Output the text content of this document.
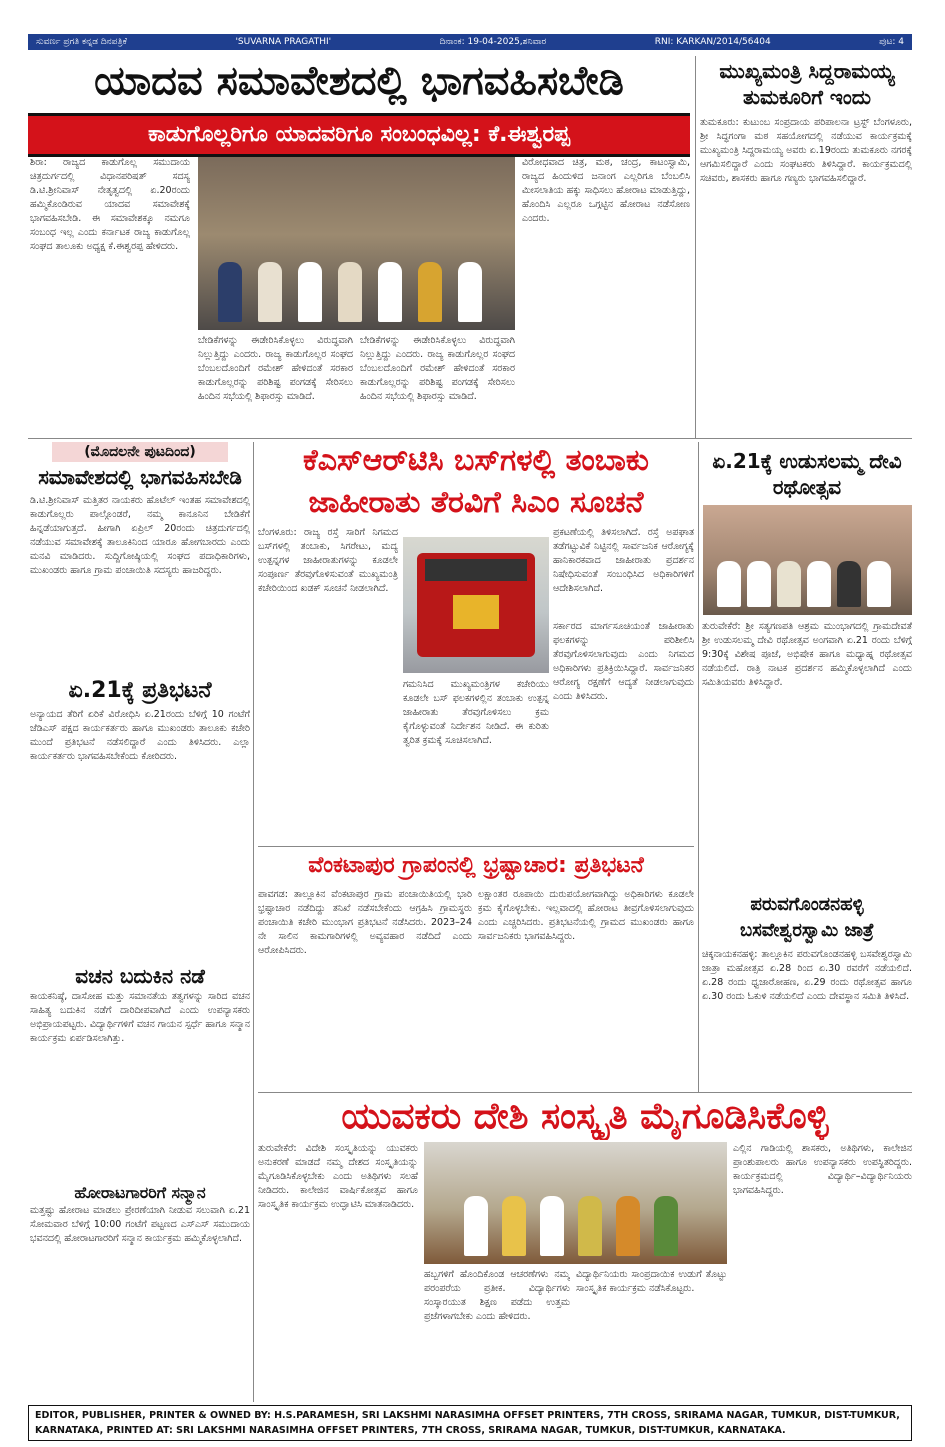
ಸುವರ್ಣ ಪ್ರಗತಿ ಕನ್ನಡ ದಿನಪತ್ರಿಕೆ	'SUVARNA PRAGATHI'	ದಿನಾಂಕ: 19-04-2025,ಶನಿವಾರ	RNI: KARKAN/2014/56404	ಪುಟ: 4
ಯಾದವ ಸಮಾವೇಶದಲ್ಲಿ ಭಾಗವಹಿಸಬೇಡಿ
ಕಾಡುಗೊಲ್ಲರಿಗೂ ಯಾದವರಿಗೂ ಸಂಬಂಧವಿಲ್ಲ: ಕೆ.ಈಶ್ವರಪ್ಪ
ಶಿರಾ: ರಾಜ್ಯದ ಕಾಡುಗೊಲ್ಲ ಸಮುದಾಯ ಚಿತ್ರದುರ್ಗದಲ್ಲಿ ವಿಧಾನಪರಿಷತ್ ಸದಸ್ಯ ಡಿ.ಟಿ.ಶ್ರೀನಿವಾಸ್ ನೇತೃತ್ವದಲ್ಲಿ ಏ.20ರಂದು ಹಮ್ಮಿಕೊಂಡಿರುವ ಯಾದವ ಸಮಾವೇಶಕ್ಕೆ ಭಾಗವಹಿಸಬೇಡಿ. ಈ ಸಮಾವೇಶಕ್ಕೂ ನಮಗೂ ಸಂಬಂಧ ಇಲ್ಲ ಎಂದು ಕರ್ನಾಟಕ ರಾಜ್ಯ ಕಾಡುಗೊಲ್ಲ ಸಂಘದ ತಾಲೂಕು ಅಧ್ಯಕ್ಷ ಕೆ.ಈಶ್ವರಪ್ಪ ಹೇಳಿದರು.
ಬೇಡಿಕೆಗಳನ್ನು ಈಡೇರಿಸಿಕೊಳ್ಳಲು ವಿರುದ್ಧವಾಗಿ ನಿಲ್ಲುತ್ತಿದ್ದು ಎಂದರು. ರಾಜ್ಯ ಕಾಡುಗೊಲ್ಲರ ಸಂಘದ ಬೆಂಬಲದೊಂದಿಗೆ ರಮೇಶ್ ಹೇಳಿದಂತೆ ಸರಕಾರ ಕಾಡುಗೊಲ್ಲರನ್ನು ಪರಿಶಿಷ್ಟ ಪಂಗಡಕ್ಕೆ ಸೇರಿಸಲು ಹಿಂದಿನ ಸಭೆಯಲ್ಲಿ ಶಿಫಾರಸ್ಸು ಮಾಡಿದೆ.
ಬೇಡಿಕೆಗಳನ್ನು ಈಡೇರಿಸಿಕೊಳ್ಳಲು ವಿರುದ್ಧವಾಗಿ ನಿಲ್ಲುತ್ತಿದ್ದು ಎಂದರು. ರಾಜ್ಯ ಕಾಡುಗೊಲ್ಲರ ಸಂಘದ ಬೆಂಬಲದೊಂದಿಗೆ ರಮೇಶ್ ಹೇಳಿದಂತೆ ಸರಕಾರ ಕಾಡುಗೊಲ್ಲರನ್ನು ಪರಿಶಿಷ್ಟ ಪಂಗಡಕ್ಕೆ ಸೇರಿಸಲು ಹಿಂದಿನ ಸಭೆಯಲ್ಲಿ ಶಿಫಾರಸ್ಸು ಮಾಡಿದೆ.
ವಿರೋಧವಾದ ಚಿತ್ರ, ಮಠ, ಚಂದ್ರ, ಕಾಟಂಸ್ವಾಮಿ, ರಾಜ್ಯದ ಹಿಂದುಳಿದ ಜನಾಂಗ ಎಲ್ಲರಿಗೂ ಬೆಂಬಲಿಸಿ ಮೀಸಲಾತಿಯ ಹಕ್ಕು ಸಾಧಿಸಲು ಹೋರಾಟ ಮಾಡುತ್ತಿದ್ದು, ಹೊಂದಿಸಿ ಎಲ್ಲರೂ ಒಗ್ಗಟ್ಟಿನ ಹೋರಾಟ ನಡೆಸೋಣ ಎಂದರು.
ಮುಖ್ಯಮಂತ್ರಿ ಸಿದ್ದರಾಮಯ್ಯ ತುಮಕೂರಿಗೆ ಇಂದು
ತುಮಕೂರು: ಕುಟುಂಬ ಸಂಪ್ರದಾಯ ಪರಿಪಾಲನಾ ಟ್ರಸ್ಟ್ ಬೆಂಗಳೂರು, ಶ್ರೀ ಸಿದ್ಧಗಂಗಾ ಮಠ ಸಹಯೋಗದಲ್ಲಿ ನಡೆಯುವ ಕಾರ್ಯಕ್ರಮಕ್ಕೆ ಮುಖ್ಯಮಂತ್ರಿ ಸಿದ್ದರಾಮಯ್ಯ ಅವರು ಏ.19ರಂದು ತುಮಕೂರು ನಗರಕ್ಕೆ ಆಗಮಿಸಲಿದ್ದಾರೆ ಎಂದು ಸಂಘಟಕರು ತಿಳಿಸಿದ್ದಾರೆ. ಕಾರ್ಯಕ್ರಮದಲ್ಲಿ ಸಚಿವರು, ಶಾಸಕರು ಹಾಗೂ ಗಣ್ಯರು ಭಾಗವಹಿಸಲಿದ್ದಾರೆ.
(ಮೊದಲನೇ ಪುಟದಿಂದ)
ಸಮಾವೇಶದಲ್ಲಿ ಭಾಗವಹಿಸಬೇಡಿ
ಡಿ.ಟಿ.ಶ್ರೀನಿವಾಸ್ ಮತ್ತಿತರ ನಾಯಕರು ಹೊಟೆಲ್‌ ಇಂತಹ ಸಮಾವೇಶದಲ್ಲಿ ಕಾಡುಗೊಲ್ಲರು ಪಾಲ್ಗೊಂಡರೆ, ನಮ್ಮ ಕಾನೂನಿನ ಬೇಡಿಕೆಗೆ ಹಿನ್ನಡೆಯಾಗುತ್ತದೆ. ಹೀಗಾಗಿ ಏಪ್ರಿಲ್ 20ರಂದು ಚಿತ್ರದುರ್ಗದಲ್ಲಿ ನಡೆಯುವ ಸಮಾವೇಶಕ್ಕೆ ತಾಲೂಕಿನಿಂದ ಯಾರೂ ಹೋಗಬಾರದು ಎಂದು ಮನವಿ ಮಾಡಿದರು. ಸುದ್ದಿಗೋಷ್ಠಿಯಲ್ಲಿ ಸಂಘದ ಪದಾಧಿಕಾರಿಗಳು, ಮುಖಂಡರು ಹಾಗೂ ಗ್ರಾಮ ಪಂಚಾಯಿತಿ ಸದಸ್ಯರು ಹಾಜರಿದ್ದರು.
ಏ.21ಕ್ಕೆ ಪ್ರತಿಭಟನೆ
ಅನ್ಯಾಯದ ತೆರಿಗೆ ಏರಿಕೆ ವಿರೋಧಿಸಿ ಏ.21ರಂದು ಬೆಳಿಗ್ಗೆ 10 ಗಂಟೆಗೆ ಜೆಡಿಎಸ್ ಪಕ್ಷದ ಕಾರ್ಯಕರ್ತರು ಹಾಗೂ ಮುಖಂಡರು ತಾಲೂಕು ಕಚೇರಿ ಮುಂದೆ ಪ್ರತಿಭಟನೆ ನಡೆಸಲಿದ್ದಾರೆ ಎಂದು ತಿಳಿಸಿದರು. ಎಲ್ಲಾ ಕಾರ್ಯಕರ್ತರು ಭಾಗವಹಿಸಬೇಕೆಂದು ಕೋರಿದರು.
ವಚನ ಬದುಕಿನ ನಡೆ
ಕಾಯಕನಿಷ್ಠೆ, ದಾಸೋಹ ಮತ್ತು ಸಮಾನತೆಯ ತತ್ವಗಳನ್ನು ಸಾರಿದ ವಚನ ಸಾಹಿತ್ಯ ಬದುಕಿನ ನಡೆಗೆ ದಾರಿದೀಪವಾಗಿದೆ ಎಂದು ಉಪನ್ಯಾಸಕರು ಅಭಿಪ್ರಾಯಪಟ್ಟರು. ವಿದ್ಯಾರ್ಥಿಗಳಿಗೆ ವಚನ ಗಾಯನ ಸ್ಪರ್ಧೆ ಹಾಗೂ ಸನ್ಮಾನ ಕಾರ್ಯಕ್ರಮ ಏರ್ಪಡಿಸಲಾಗಿತ್ತು.
ಹೋರಾಟಗಾರರಿಗೆ ಸನ್ಮಾನ
ಮತ್ತಷ್ಟು ಹೋರಾಟ ಮಾಡಲು ಪ್ರೇರಣೆಯಾಗಿ ನೀಡುವ ಸಲುವಾಗಿ ಏ.21 ಸೋಮವಾರ ಬೆಳಿಗ್ಗೆ 10:00 ಗಂಟೆಗೆ ಪಟ್ಟಣದ ಎಸ್‌ಎಸ್ ಸಮುದಾಯ ಭವನದಲ್ಲಿ ಹೋರಾಟಗಾರರಿಗೆ ಸನ್ಮಾನ ಕಾರ್ಯಕ್ರಮ ಹಮ್ಮಿಕೊಳ್ಳಲಾಗಿದೆ.
ಕೆಎಸ್‌ಆರ್‌ಟಿಸಿ ಬಸ್‌ಗಳಲ್ಲಿ ತಂಬಾಕು
ಜಾಹೀರಾತು ತೆರವಿಗೆ ಸಿಎಂ ಸೂಚನೆ
ಬೆಂಗಳೂರು: ರಾಜ್ಯ ರಸ್ತೆ ಸಾರಿಗೆ ನಿಗಮದ ಬಸ್‌ಗಳಲ್ಲಿ ತಂಬಾಕು, ಸಿಗರೇಟು, ಮದ್ಯ ಉತ್ಪನ್ನಗಳ ಜಾಹೀರಾತುಗಳನ್ನು ಕೂಡಲೇ ಸಂಪೂರ್ಣ ತೆರವುಗೊಳಿಸುವಂತೆ ಮುಖ್ಯಮಂತ್ರಿ ಕಚೇರಿಯಿಂದ ಖಡಕ್ ಸೂಚನೆ ನೀಡಲಾಗಿದೆ.
ಗಮನಿಸಿದ ಮುಖ್ಯಮಂತ್ರಿಗಳ ಕಚೇರಿಯು ಕೂಡಲೇ ಬಸ್ ಫಲಕಗಳಲ್ಲಿನ ತಂಬಾಕು ಉತ್ಪನ್ನ ಜಾಹೀರಾತು ತೆರವುಗೊಳಿಸಲು ಕ್ರಮ ಕೈಗೊಳ್ಳುವಂತೆ ನಿರ್ದೇಶನ ನೀಡಿದೆ. ಈ ಕುರಿತು ತ್ವರಿತ ಕ್ರಮಕ್ಕೆ ಸೂಚಿಸಲಾಗಿದೆ.
ಪ್ರಕಟಣೆಯಲ್ಲಿ ತಿಳಿಸಲಾಗಿದೆ. ರಸ್ತೆ ಅಪಘಾತ ತಡೆಗಟ್ಟುವಿಕೆ ನಿಟ್ಟಿನಲ್ಲಿ ಸಾರ್ವಜನಿಕ ಆರೋಗ್ಯಕ್ಕೆ ಹಾನಿಕಾರಕವಾದ ಜಾಹೀರಾತು ಪ್ರದರ್ಶನ ನಿಷೇಧಿಸುವಂತೆ ಸಂಬಂಧಿಸಿದ ಅಧಿಕಾರಿಗಳಿಗೆ ಆದೇಶಿಸಲಾಗಿದೆ.
ಸರ್ಕಾರದ ಮಾರ್ಗಸೂಚಿಯಂತೆ ಜಾಹೀರಾತು ಫಲಕಗಳನ್ನು ಪರಿಶೀಲಿಸಿ ತೆರವುಗೊಳಿಸಲಾಗುವುದು ಎಂದು ನಿಗಮದ ಅಧಿಕಾರಿಗಳು ಪ್ರತಿಕ್ರಿಯಿಸಿದ್ದಾರೆ. ಸಾರ್ವಜನಿಕರ ಆರೋಗ್ಯ ರಕ್ಷಣೆಗೆ ಆದ್ಯತೆ ನೀಡಲಾಗುವುದು ಎಂದು ತಿಳಿಸಿದರು.
ಏ.21ಕ್ಕೆ ಉಡುಸಲಮ್ಮ ದೇವಿ ರಥೋತ್ಸವ
ತುರುವೇಕೆರೆ: ಶ್ರೀ ಸತ್ಯಗಣಪತಿ ಆಶ್ರಮ ಮುಂಭಾಗದಲ್ಲಿ ಗ್ರಾಮದೇವತೆ ಶ್ರೀ ಉಡುಸಲಮ್ಮ ದೇವಿ ರಥೋತ್ಸವ ಅಂಗವಾಗಿ ಏ.21 ರಂದು ಬೆಳಿಗ್ಗೆ 9:30ಕ್ಕೆ ವಿಶೇಷ ಪೂಜೆ, ಅಭಿಷೇಕ ಹಾಗೂ ಮಧ್ಯಾಹ್ನ ರಥೋತ್ಸವ ನಡೆಯಲಿದೆ. ರಾತ್ರಿ ನಾಟಕ ಪ್ರದರ್ಶನ ಹಮ್ಮಿಕೊಳ್ಳಲಾಗಿದೆ ಎಂದು ಸಮಿತಿಯವರು ತಿಳಿಸಿದ್ದಾರೆ.
ವೆಂಕಟಾಪುರ ಗ್ರಾಪಂನಲ್ಲಿ ಭ್ರಷ್ಟಾಚಾರ: ಪ್ರತಿಭಟನೆ
ಪಾವಗಡ: ತಾಲ್ಲೂಕಿನ ವೆಂಕಟಾಪುರ ಗ್ರಾಮ ಪಂಚಾಯಿತಿಯಲ್ಲಿ ಭಾರಿ ಭ್ರಷ್ಟಾಚಾರ ನಡೆದಿದ್ದು ತನಿಖೆ ನಡೆಸಬೇಕೆಂದು ಆಗ್ರಹಿಸಿ ಗ್ರಾಮಸ್ಥರು ಪಂಚಾಯಿತಿ ಕಚೇರಿ ಮುಂಭಾಗ ಪ್ರತಿಭಟನೆ ನಡೆಸಿದರು. 2023–24 ನೇ ಸಾಲಿನ ಕಾಮಗಾರಿಗಳಲ್ಲಿ ಅವ್ಯವಹಾರ ನಡೆದಿದೆ ಎಂದು ಆರೋಪಿಸಿದರು.
ಲಕ್ಷಾಂತರ ರೂಪಾಯಿ ದುರುಪಯೋಗವಾಗಿದ್ದು ಅಧಿಕಾರಿಗಳು ಕೂಡಲೇ ಕ್ರಮ ಕೈಗೊಳ್ಳಬೇಕು. ಇಲ್ಲವಾದಲ್ಲಿ ಹೋರಾಟ ತೀವ್ರಗೊಳಿಸಲಾಗುವುದು ಎಂದು ಎಚ್ಚರಿಸಿದರು. ಪ್ರತಿಭಟನೆಯಲ್ಲಿ ಗ್ರಾಮದ ಮುಖಂಡರು ಹಾಗೂ ಸಾರ್ವಜನಿಕರು ಭಾಗವಹಿಸಿದ್ದರು.
ಪರುವಗೊಂಡನಹಳ್ಳಿ
ಬಸವೇಶ್ವರಸ್ವಾಮಿ ಜಾತ್ರೆ
ಚಿಕ್ಕನಾಯಕನಹಳ್ಳಿ: ತಾಲ್ಲೂಕಿನ ಪರುವಗೊಂಡನಹಳ್ಳಿ ಬಸವೇಶ್ವರಸ್ವಾಮಿ ಜಾತ್ರಾ ಮಹೋತ್ಸವ ಏ.28 ರಿಂದ ಏ.30 ರವರೆಗೆ ನಡೆಯಲಿದೆ. ಏ.28 ರಂದು ಧ್ವಜಾರೋಹಣ, ಏ.29 ರಂದು ರಥೋತ್ಸವ ಹಾಗೂ ಏ.30 ರಂದು ಓಕುಳಿ ನಡೆಯಲಿದೆ ಎಂದು ದೇವಸ್ಥಾನ ಸಮಿತಿ ತಿಳಿಸಿದೆ.
ಯುವಕರು ದೇಶಿ ಸಂಸ್ಕೃತಿ ಮೈಗೂಡಿಸಿಕೊಳ್ಳಿ
ತುರುವೇಕೆರೆ: ವಿದೇಶಿ ಸಂಸ್ಕೃತಿಯನ್ನು ಯುವಕರು ಅನುಕರಣೆ ಮಾಡದೆ ನಮ್ಮ ದೇಶದ ಸಂಸ್ಕೃತಿಯನ್ನು ಮೈಗೂಡಿಸಿಕೊಳ್ಳಬೇಕು ಎಂದು ಅತಿಥಿಗಳು ಸಲಹೆ ನೀಡಿದರು. ಕಾಲೇಜಿನ ವಾರ್ಷಿಕೋತ್ಸವ ಹಾಗೂ ಸಾಂಸ್ಕೃತಿಕ ಕಾರ್ಯಕ್ರಮ ಉದ್ಘಾಟಿಸಿ ಮಾತನಾಡಿದರು.
ಹಬ್ಬಗಳಿಗೆ ಹೊಂದಿಕೊಂಡ ಆಚರಣೆಗಳು ನಮ್ಮ ಪರಂಪರೆಯ ಪ್ರತೀಕ. ವಿದ್ಯಾರ್ಥಿಗಳು ಸಂಸ್ಕಾರಯುತ ಶಿಕ್ಷಣ ಪಡೆದು ಉತ್ತಮ ಪ್ರಜೆಗಳಾಗಬೇಕು ಎಂದು ಹೇಳಿದರು.
ವಿದ್ಯಾರ್ಥಿನಿಯರು ಸಾಂಪ್ರದಾಯಿಕ ಉಡುಗೆ ತೊಟ್ಟು ಸಾಂಸ್ಕೃತಿಕ ಕಾರ್ಯಕ್ರಮ ನಡೆಸಿಕೊಟ್ಟರು.
ಎಲ್ಲಿನ ಗಾಡಿಯಲ್ಲಿ ಶಾಸಕರು, ಅತಿಥಿಗಳು, ಕಾಲೇಜಿನ ಪ್ರಾಂಶುಪಾಲರು ಹಾಗೂ ಉಪನ್ಯಾಸಕರು ಉಪಸ್ಥಿತರಿದ್ದರು. ಕಾರ್ಯಕ್ರಮದಲ್ಲಿ ವಿದ್ಯಾರ್ಥಿ–ವಿದ್ಯಾರ್ಥಿನಿಯರು ಭಾಗವಹಿಸಿದ್ದರು.
EDITOR, PUBLISHER, PRINTER & OWNED BY: H.S.PARAMESH, SRI LAKSHMI NARASIMHA OFFSET PRINTERS, 7TH CROSS, SRIRAMA NAGAR, TUMKUR, DIST-TUMKUR, KARNATAKA, PRINTED AT: SRI LAKSHMI NARASIMHA OFFSET PRINTERS, 7TH CROSS, SRIRAMA NAGAR, TUMKUR, DIST-TUMKUR, KARNATAKA.
